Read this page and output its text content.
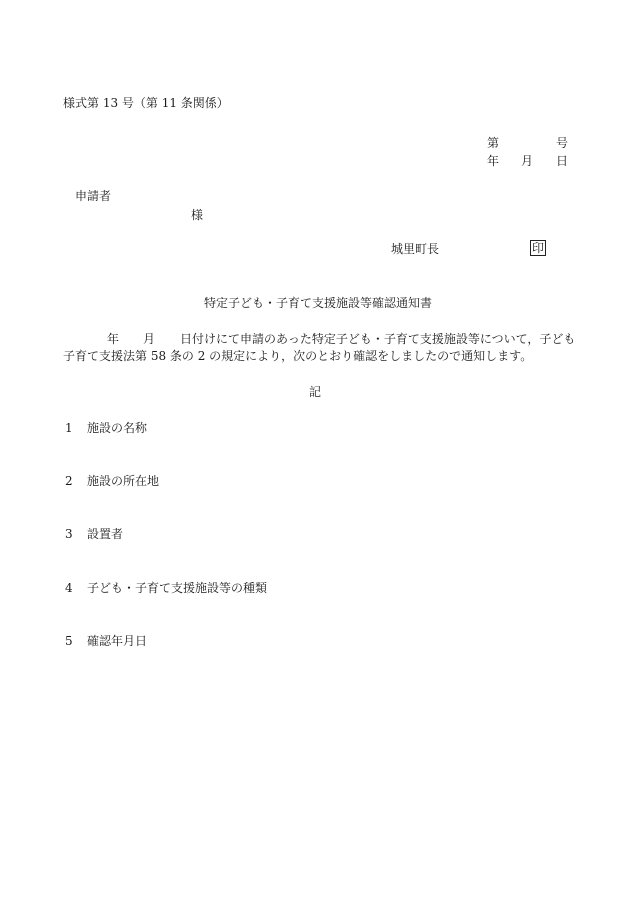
様式第 13 号（第 11 条関係）
第	号
年 月 日
申請者
様
城里町長	印
特定子ども・子育て支援施設等確認通知書
年 月 日付けにて申請のあった特定子ども・子育て支援施設等について，子ども
子育て支援法第 58 条の 2 の規定により，次のとおり確認をしましたので通知します。
記
1 施設の名称
2 施設の所在地
3 設置者
4 子ども・子育て支援施設等の種類
5 確認年月日
